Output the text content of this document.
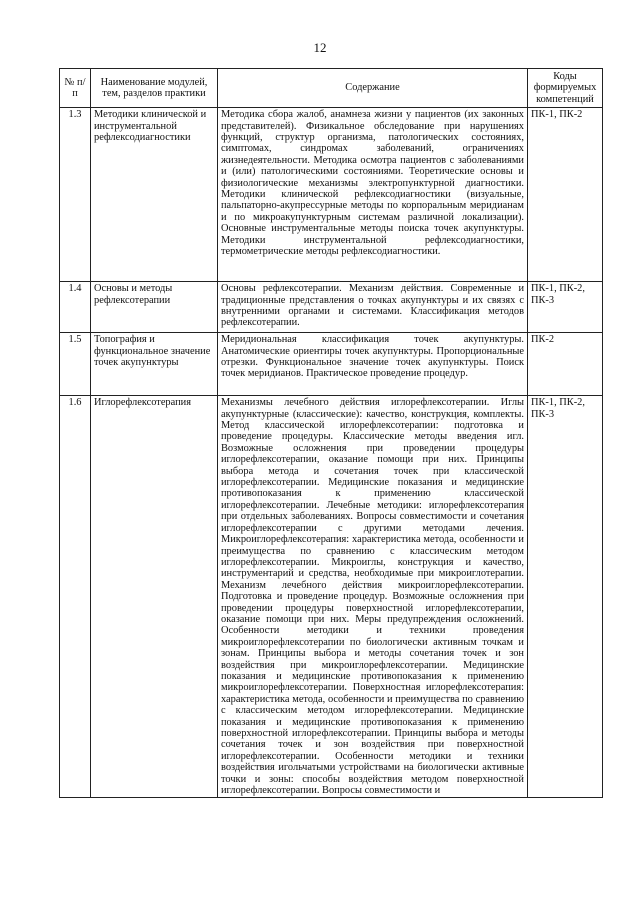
12
№ п/п	Наименование модулей, тем, разделов практики	Содержание	Коды формируемых компетенций
1.3	Методики клинической и инструментальной рефлексодиагностики	Методика сбора жалоб, анамнеза жизни у пациентов (их законных представителей). Физикальное обследование при нарушениях функций, структур организма, патологических состояниях, симптомах, синдромах заболеваний, ограничениях жизнедеятельности. Методика осмотра пациентов с заболеваниями и (или) патологическими состояниями. Теоретические основы и физиологические механизмы электропунктурной диагностики. Методики клинической рефлексодиагностики (визуальные, пальпаторно-акупрессурные методы по корпоральным меридианам и по микроакупунктурным системам различной локализации). Основные инструментальные методы поиска точек акупунктуры. Методики инструментальной рефлексодиагностики, термометрические методы рефлексодиагностики.	ПК-1, ПК-2
1.4	Основы и методы рефлексотерапии	Основы рефлексотерапии. Механизм действия. Современные и традиционные представления о точках акупунктуры и их связях с внутренними органами и системами. Классификация методов рефлексотерапии.	ПК-1, ПК-2, ПК-3
1.5	Топография и функциональное значение точек акупунктуры	Меридиональная классификация точек акупунктуры. Анатомические ориентиры точек акупунктуры. Пропорциональные отрезки. Функциональное значение точек акупунктуры. Поиск точек меридианов. Практическое проведение процедур.	ПК-2
1.6	Иглорефлексотерапия	Механизмы лечебного действия иглорефлексотерапии. Иглы акупунктурные (классические): качество, конструкция, комплекты. Метод классической иглорефлексотерапии: подготовка и проведение процедуры. Классические методы введения игл. Возможные осложнения при проведении процедуры иглорефлексотерапии, оказание помощи при них. Принципы выбора метода и сочетания точек при классической иглорефлексотерапии. Медицинские показания и медицинские противопоказания к применению классической иглорефлексотерапии. Лечебные методики: иглорефлексотерапия при отдельных заболеваниях. Вопросы совместимости и сочетания иглорефлексотерапии с другими методами лечения. Микроиглорефлексотерапия: характеристика метода, особенности и преимущества по сравнению с классическим методом иглорефлексотерапии. Микроиглы, конструкция и качество, инструментарий и средства, необходимые при микроиглотерапии. Механизм лечебного действия микроиглорефлексотерапии. Подготовка и проведение процедур. Возможные осложнения при проведении процедуры поверхностной иглорефлексотерапии, оказание помощи при них. Меры предупреждения осложнений. Особенности методики и техники проведения микроиглорефлексотерапии по биологически активным точкам и зонам. Принципы выбора и методы сочетания точек и зон воздействия при микроиглорефлексотерапии. Медицинские показания и медицинские противопоказания к применению микроиглорефлексотерапии. Поверхностная иглорефлексотерапия: характеристика метода, особенности и преимущества по сравнению с классическим методом иглорефлексотерапии. Медицинские показания и медицинские противопоказания к применению поверхностной иглорефлексотерапии. Принципы выбора и методы сочетания точек и зон воздействия при поверхностной иглорефлексотерапии. Особенности методики и техники воздействия игольчатыми устройствами на биологически активные точки и зоны: способы воздействия методом поверхностной иглорефлексотерапии. Вопросы совместимости и	ПК-1, ПК-2, ПК-3
